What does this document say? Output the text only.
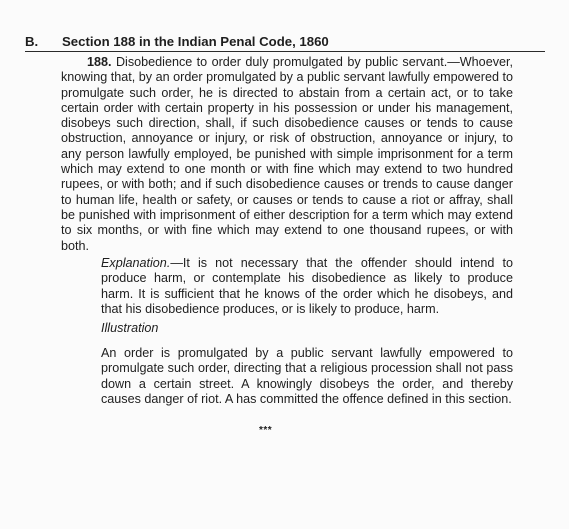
B. Section 188 in the Indian Penal Code, 1860

188. Disobedience to order duly promulgated by public servant.—Whoever, knowing that, by an order promulgated by a public servant lawfully empowered to promulgate such order, he is directed to abstain from a certain act, or to take certain order with certain property in his possession or under his management, disobeys such direction, shall, if such disobedience causes or tends to cause obstruction, annoyance or injury, or risk of obstruction, annoyance or injury, to any person lawfully employed, be punished with simple imprisonment for a term which may extend to one month or with fine which may extend to two hundred rupees, or with both; and if such disobedience causes or trends to cause danger to human life, health or safety, or causes or tends to cause a riot or affray, shall be punished with imprisonment of either description for a term which may extend to six months, or with fine which may extend to one thousand rupees, or with both.

Explanation.—It is not necessary that the offender should intend to produce harm, or contemplate his disobedience as likely to produce harm. It is sufficient that he knows of the order which he disobeys, and that his disobedience produces, or is likely to produce, harm.

Illustration

An order is promulgated by a public servant lawfully empowered to promulgate such order, directing that a religious procession shall not pass down a certain street. A knowingly disobeys the order, and thereby causes danger of riot. A has committed the offence defined in this section.

***
